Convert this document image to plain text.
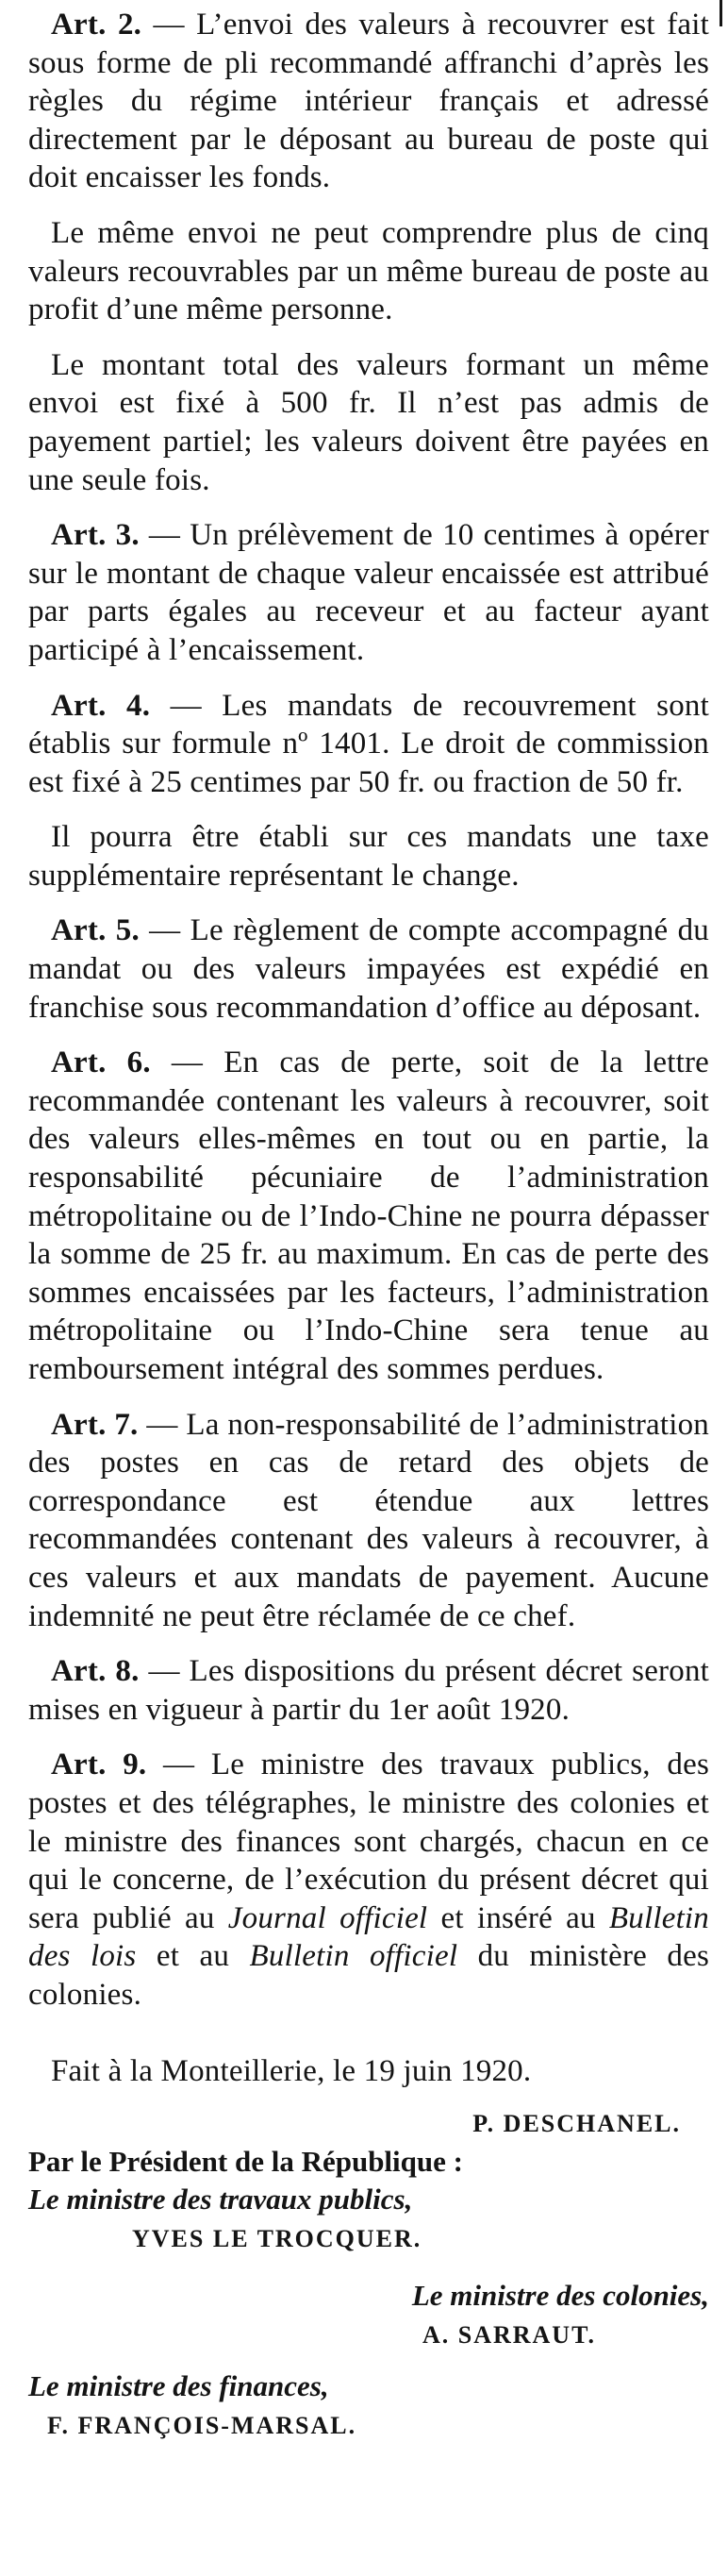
Art. 2. — L’envoi des valeurs à recouvrer est fait sous forme de pli recommandé affranchi d’après les règles du régime intérieur français et adressé directement par le déposant au bureau de poste qui doit encaisser les fonds.

Le même envoi ne peut comprendre plus de cinq valeurs recouvrables par un même bureau de poste au profit d’une même personne.

Le montant total des valeurs formant un même envoi est fixé à 500 fr. Il n’est pas admis de payement partiel; les valeurs doivent être payées en une seule fois.

Art. 3. — Un prélèvement de 10 centimes à opérer sur le montant de chaque valeur encaissée est attribué par parts égales au receveur et au facteur ayant participé à l’encaissement.

Art. 4. — Les mandats de recouvrement sont établis sur formule nº 1401. Le droit de commission est fixé à 25 centimes par 50 fr. ou fraction de 50 fr.

Il pourra être établi sur ces mandats une taxe supplémentaire représentant le change.

Art. 5. — Le règlement de compte accompagné du mandat ou des valeurs impayées est expédié en franchise sous recommandation d’office au déposant.

Art. 6. — En cas de perte, soit de la lettre recommandée contenant les valeurs à recouvrer, soit des valeurs elles-mêmes en tout ou en partie, la responsabilité pécuniaire de l’administration métropolitaine ou de l’Indo-Chine ne pourra dépasser la somme de 25 fr. au maximum. En cas de perte des sommes encaissées par les facteurs, l’administration métropolitaine ou l’Indo-Chine sera tenue au remboursement intégral des sommes perdues.

Art. 7. — La non-responsabilité de l’administration des postes en cas de retard des objets de correspondance est étendue aux lettres recommandées contenant des valeurs à recouvrer, à ces valeurs et aux mandats de payement. Aucune indemnité ne peut être réclamée de ce chef.

Art. 8. — Les dispositions du présent décret seront mises en vigueur à partir du 1er août 1920.

Art. 9. — Le ministre des travaux publics, des postes et des télégraphes, le ministre des colonies et le ministre des finances sont chargés, chacun en ce qui le concerne, de l’exécution du présent décret qui sera publié au Journal officiel et inséré au Bulletin des lois et au Bulletin officiel du ministère des colonies.

Fait à la Monteillerie, le 19 juin 1920.

P. DESCHANEL.
Par le Président de la République :
Le ministre des travaux publics,
YVES LE TROCQUER.
Le ministre des colonies,
A. SARRAUT.
Le ministre des finances,
F. FRANÇOIS-MARSAL.
